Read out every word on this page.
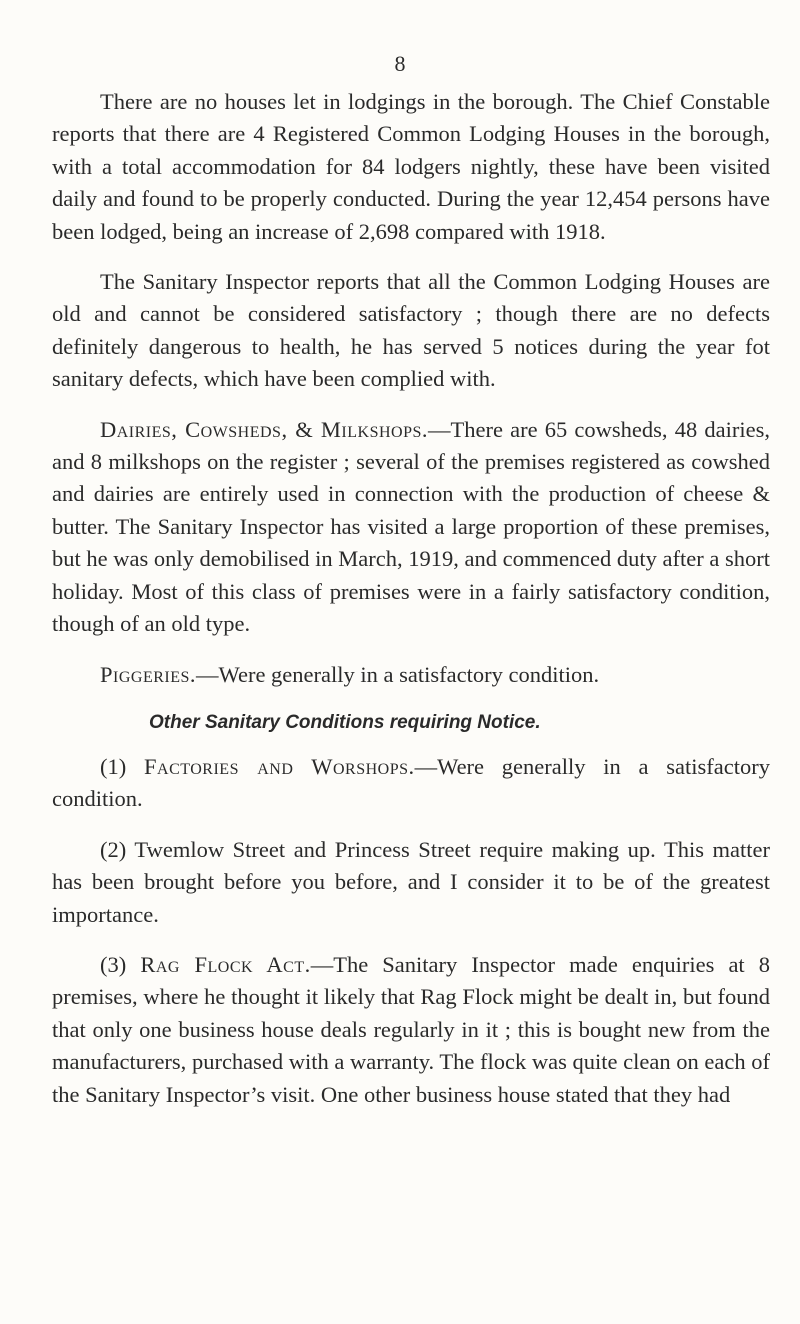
8

There are no houses let in lodgings in the borough. The Chief Constable reports that there are 4 Registered Common Lodging Houses in the borough, with a total accommodation for 84 lodgers nightly, these have been visited daily and found to be properly conducted. During the year 12,454 persons have been lodged, being an increase of 2,698 compared with 1918.

The Sanitary Inspector reports that all the Common Lodging Houses are old and cannot be considered satisfactory ; though there are no defects definitely dangerous to health, he has served 5 notices during the year fot sanitary defects, which have been complied with.

Dairies, Cowsheds, & Milkshops.—There are 65 cowsheds, 48 dairies, and 8 milkshops on the register ; several of the premises registered as cowshed and dairies are entirely used in connection with the production of cheese & butter. The Sanitary Inspector has visited a large proportion of these premises, but he was only demobilised in March, 1919, and commenced duty after a short holiday. Most of this class of premises were in a fairly satisfactory condition, though of an old type.

Piggeries.—Were generally in a satisfactory condition.

Other Sanitary Conditions requiring Notice.

(1) Factories and Worshops.—Were generally in a satisfactory condition.

(2) Twemlow Street and Princess Street require making up. This matter has been brought before you before, and I consider it to be of the greatest importance.

(3) Rag Flock Act.—The Sanitary Inspector made enquiries at 8 premises, where he thought it likely that Rag Flock might be dealt in, but found that only one business house deals regularly in it ; this is bought new from the manufacturers, purchased with a warranty. The flock was quite clean on each of the Sanitary Inspector’s visit. One other business house stated that they had
